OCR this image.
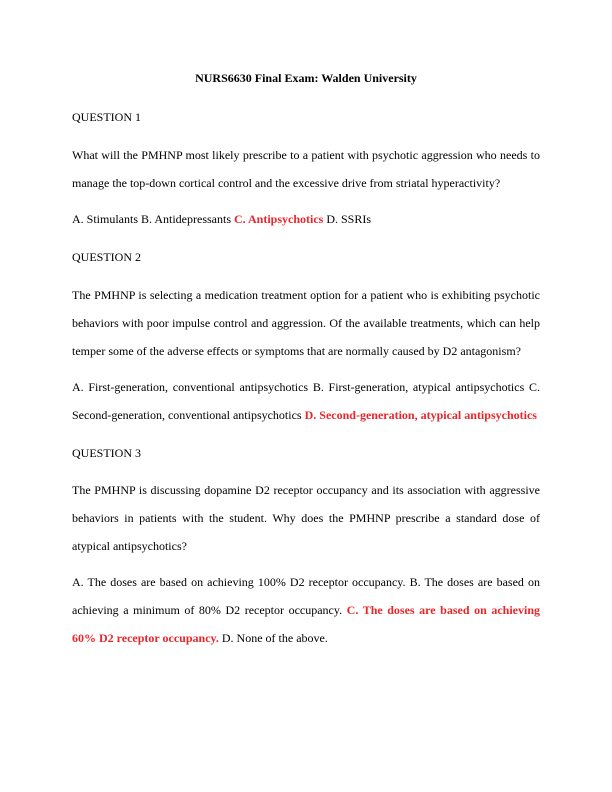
NURS6630 Final Exam: Walden University
QUESTION 1
What will the PMHNP most likely prescribe to a patient with psychotic aggression who needs to manage the top-down cortical control and the excessive drive from striatal hyperactivity?
A. Stimulants B. Antidepressants C. Antipsychotics D. SSRIs
QUESTION 2
The PMHNP is selecting a medication treatment option for a patient who is exhibiting psychotic behaviors with poor impulse control and aggression. Of the available treatments, which can help temper some of the adverse effects or symptoms that are normally caused by D2 antagonism?
A. First-generation, conventional antipsychotics B. First-generation, atypical antipsychotics C. Second-generation, conventional antipsychotics D. Second-generation, atypical antipsychotics
QUESTION 3
The PMHNP is discussing dopamine D2 receptor occupancy and its association with aggressive behaviors in patients with the student. Why does the PMHNP prescribe a standard dose of atypical antipsychotics?
A. The doses are based on achieving 100% D2 receptor occupancy. B. The doses are based on achieving a minimum of 80% D2 receptor occupancy. C. The doses are based on achieving 60% D2 receptor occupancy. D. None of the above.
